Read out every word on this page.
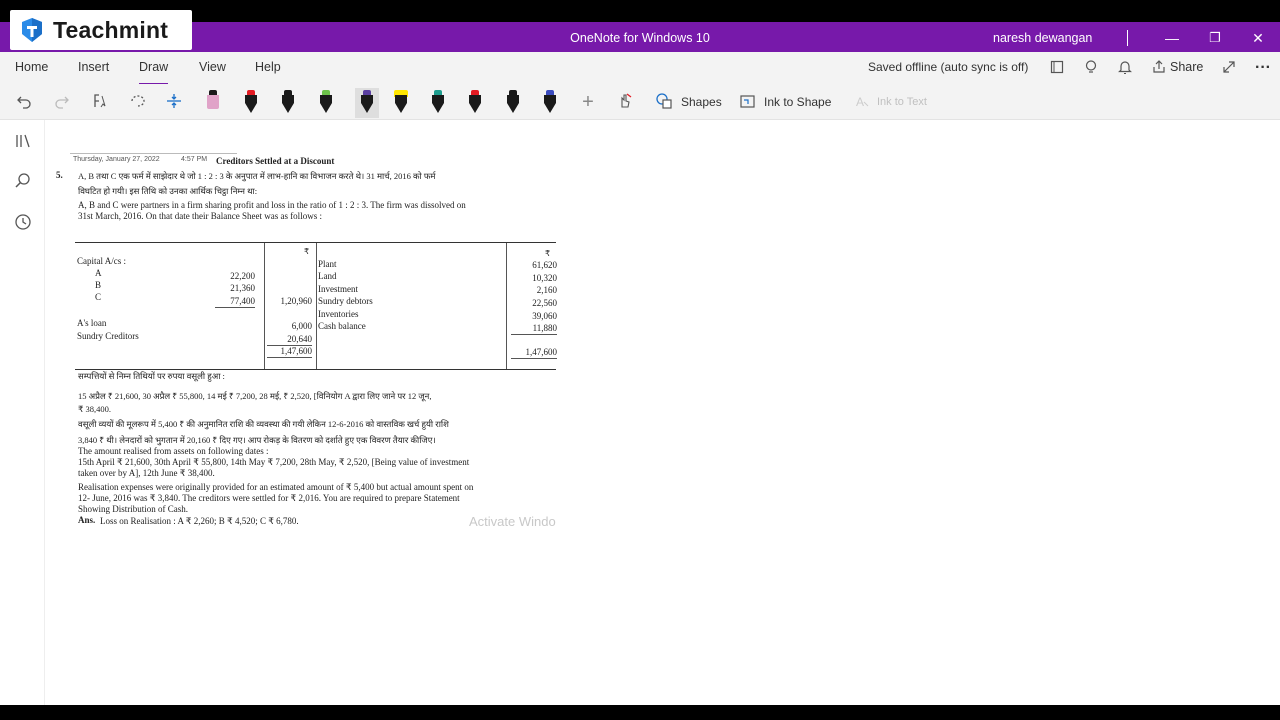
OneNote for Windows 10	naresh dewangan	—	❐	✕
Teachmint
Home Insert Draw View Help	Saved offline (auto sync is off)	Share	···
+	Shapes	Ink to Shape A Ink to Text
Thursday, January 27, 2022	4:57 PM Creditors Settled at a Discount
5. A, B तथा C एक फर्म में साझेदार थे जो 1 : 2 : 3 के अनुपात में लाभ-हानि का विभाजन करते थे। 31 मार्च, 2016 को फर्म
विघटित हो गयी। इस तिथि को उनका आर्थिक चिट्ठा निम्न था:
A, B and C were partners in a firm sharing profit and loss in the ratio of 1 : 2 : 3. The firm was dissolved on
31st March, 2016. On that date their Balance Sheet was as follows :
₹	₹
Capital A/cs :
A	22,200
B	21,360
C	77,400	1,20,960
A's loan	6,000
Sundry Creditors	20,640
1,47,600
Plant	61,620
Land	10,320
Investment	2,160
Sundry debtors	22,560
Inventories	39,060
Cash balance	11,880
1,47,600
सम्पत्तियों से निम्न तिथियों पर रुपया वसूली हुआ :
15 अप्रैल ₹ 21,600, 30 अप्रैल ₹ 55,800, 14 मई ₹ 7,200, 28 मई, ₹ 2,520, [विनियोग A द्वारा लिए जाने पर 12 जून,
₹ 38,400.
वसूली व्ययों की मूलरूप में 5,400 ₹ की अनुमानित राशि की व्यवस्था की गयी लेकिन 12-6-2016 को वास्तविक खर्च हुयी राशि
3,840 ₹ थी। लेनदारों को भुगतान में 20,160 ₹ दिए गए। आप रोकड़ के वितरण को दर्शाते हुए एक विवरण तैयार कीजिए।
The amount realised from assets on following dates :
15th April ₹ 21,600, 30th April ₹ 55,800, 14th May ₹ 7,200, 28th May, ₹ 2,520, [Being value of investment
taken over by A], 12th June ₹ 38,400.
Realisation expenses were originally provided for an estimated amount of ₹ 5,400 but actual amount spent on
12- June, 2016 was ₹ 3,840. The creditors were settled for ₹ 2,016. You are required to prepare Statement
Showing Distribution of Cash.
Ans. Loss on Realisation : A ₹ 2,260; B ₹ 4,520; C ₹ 6,780.	Activate Windo
